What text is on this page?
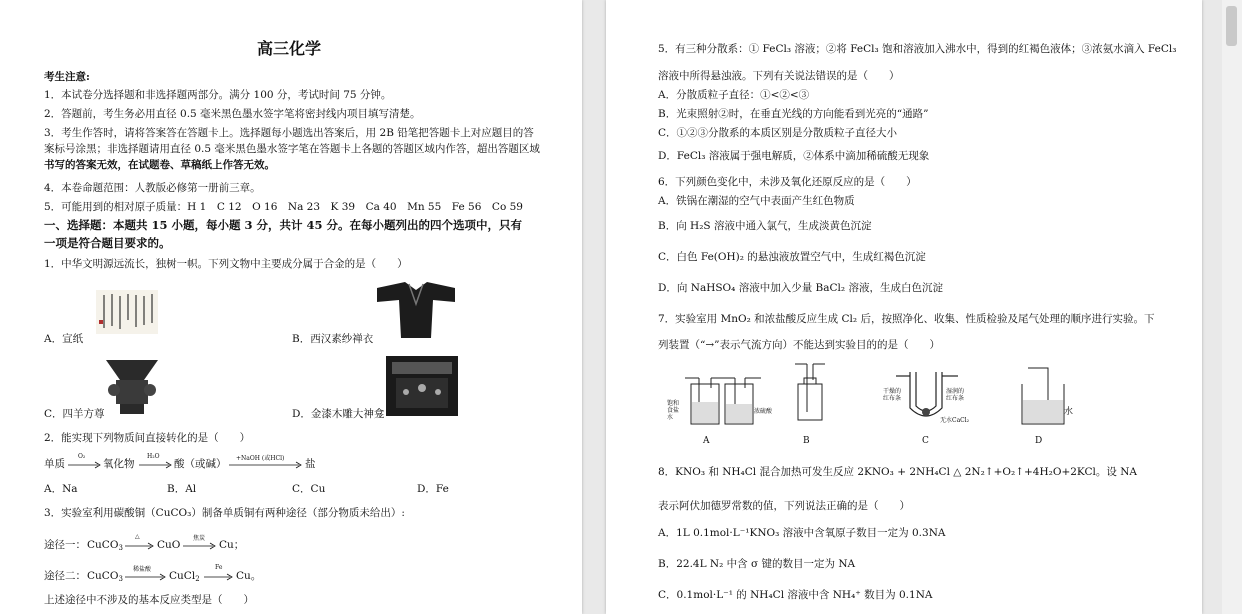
高三化学
考生注意:
1．本试卷分选择题和非选择题两部分。满分 100 分，考试时间 75 分钟。
2．答题前，考生务必用直径 0.5 毫米黑色墨水签字笔将密封线内项目填写清楚。
3．考生作答时，请将答案答在答题卡上。选择题每小题选出答案后，用 2B 铅笔把答题卡上对应题目的答
案标号涂黑；非选择题请用直径 0.5 毫米黑色墨水签字笔在答题卡上各题的答题区域内作答，超出答题区域
书写的答案无效，在试题卷、草稿纸上作答无效。
4．本卷命题范围：人教版必修第一册前三章。
5．可能用到的相对原子质量：H 1　C 12　O 16　Na 23　K 39　Ca 40　Mn 55　Fe 56　Co 59
一、选择题：本题共 15 小题，每小题 3 分，共计 45 分。在每小题列出的四个选项中，只有
一项是符合题目要求的。
1．中华文明源远流长，独树一帜。下列文物中主要成分属于合金的是（　　）
A．宣纸	B．西汉素纱禅衣
C．四羊方尊	D．金漆木雕大神龛
2．能实现下列物质间直接转化的是（　　）
单质
O₂
氧化物
H₂O
酸（或碱） +NaOH (或HCl) 盐
A．Na	B．Al	C．Cu	D．Fe
3．实验室利用碳酸铜（CuCO₃）制备单质铜有两种途径（部分物质未给出）:
途径一： CuCO$_3$
△
CuO
焦炭
Cu；
途径二： CuCO$_3$
稀盐酸
CuCl$_2$
Fe
Cu。
上述途径中不涉及的基本反应类型是（　　）
5．有三种分散系：① FeCl₃ 溶液；②将 FeCl₃ 饱和溶液加入沸水中，得到的红褐色液体；③浓氨水滴入 FeCl₃
溶液中所得悬浊液。下列有关说法错误的是（　　）
A．分散质粒子直径：①<②<③
B．光束照射②时，在垂直光线的方向能看到光亮的“通路”
C．①②③分散系的本质区别是分散质粒子直径大小
D．FeCl₃ 溶液属于强电解质，②体系中滴加稀硫酸无现象
6．下列颜色变化中，未涉及氧化还原反应的是（　　）
A．铁锅在潮湿的空气中表面产生红色物质
B．向 H₂S 溶液中通入氯气，生成淡黄色沉淀
C．白色 Fe(OH)₂ 的悬浊液放置空气中，生成红褐色沉淀
D．向 NaHSO₄ 溶液中加入少量 BaCl₂ 溶液，生成白色沉淀
7．实验室用 MnO₂ 和浓盐酸反应生成 Cl₂ 后，按照净化、收集、性质检验及尾气处理的顺序进行实验。下
列装置（“→”表示气流方向）不能达到实验目的的是（　　）
饱和食盐水
浓硫酸
A	B
干燥的红布条
湿润的红布条
无水CaCl₂
C
水
D
8．KNO₃ 和 NH₄Cl 混合加热可发生反应 2KNO₃ + 2NH₄Cl △ 2N₂↑+O₂↑+4H₂O+2KCl。设 NA
表示阿伏加德罗常数的值，下列说法正确的是（　　）
A．1L 0.1mol·L⁻¹KNO₃ 溶液中含氧原子数目一定为 0.3NA
B．22.4L N₂ 中含 σ 键的数目一定为 NA
C．0.1mol·L⁻¹ 的 NH₄Cl 溶液中含 NH₄⁺ 数目为 0.1NA
